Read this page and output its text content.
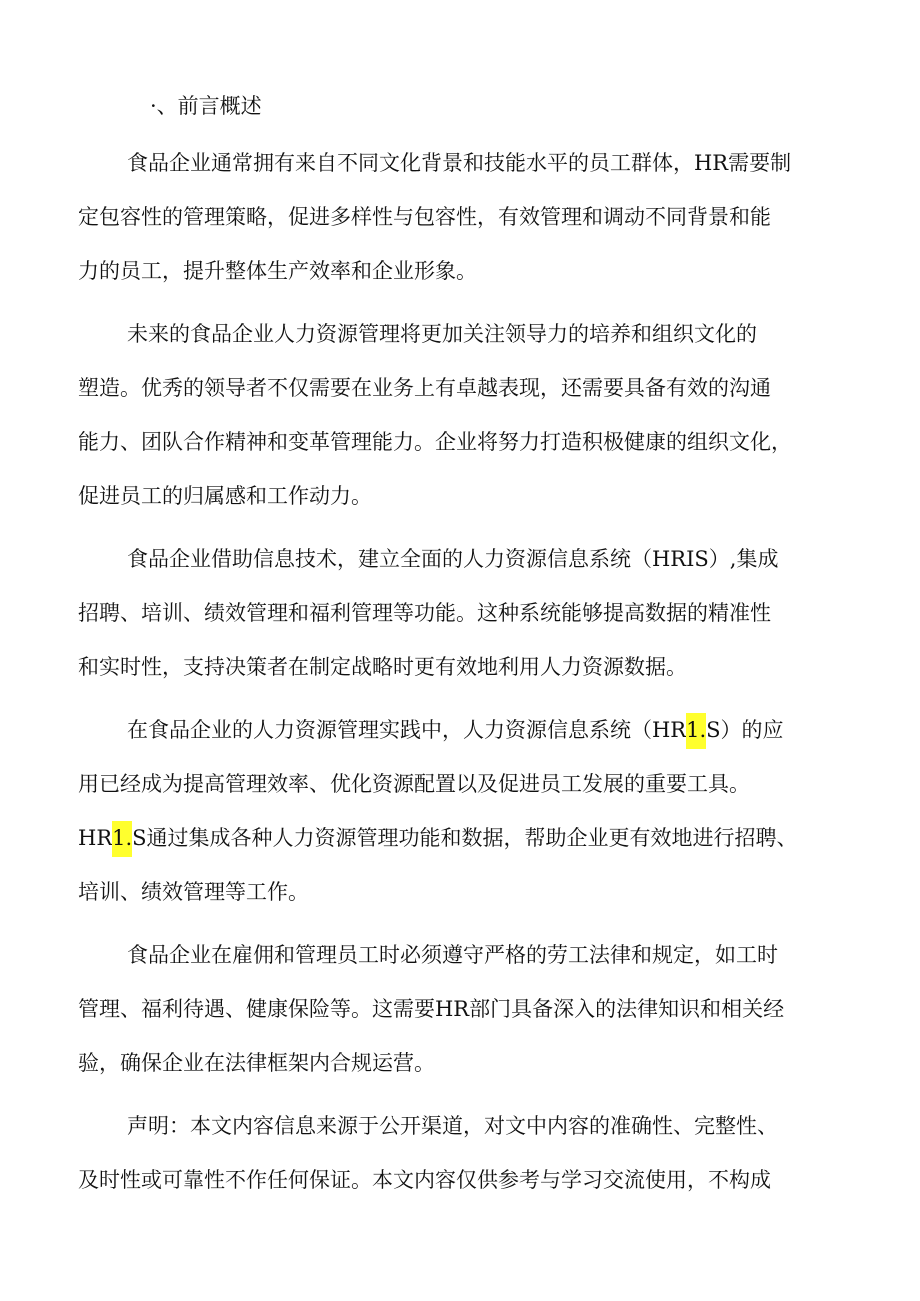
·、前言概述
食品企业通常拥有来自不同文化背景和技能水平的员工群体，HR需要制
定包容性的管理策略，促进多样性与包容性，有效管理和调动不同背景和能
力的员工，提升整体生产效率和企业形象。
未来的食品企业人力资源管理将更加关注领导力的培养和组织文化的
塑造。优秀的领导者不仅需要在业务上有卓越表现，还需要具备有效的沟通
能力、团队合作精神和变革管理能力。企业将努力打造积极健康的组织文化，
促进员工的归属感和工作动力。
食品企业借助信息技术，建立全面的人力资源信息系统（HRIS）,集成
招聘、培训、绩效管理和福利管理等功能。这种系统能够提高数据的精准性
和实时性，支持决策者在制定战略时更有效地利用人力资源数据。
在食品企业的人力资源管理实践中，人力资源信息系统（HR1.S）的应
用已经成为提高管理效率、优化资源配置以及促进员工发展的重要工具。
HR1.S通过集成各种人力资源管理功能和数据，帮助企业更有效地进行招聘、
培训、绩效管理等工作。
食品企业在雇佣和管理员工时必须遵守严格的劳工法律和规定，如工时
管理、福利待遇、健康保险等。这需要HR部门具备深入的法律知识和相关经
验，确保企业在法律框架内合规运营。
声明：本文内容信息来源于公开渠道，对文中内容的准确性、完整性、
及时性或可靠性不作任何保证。本文内容仅供参考与学习交流使用，不构成
